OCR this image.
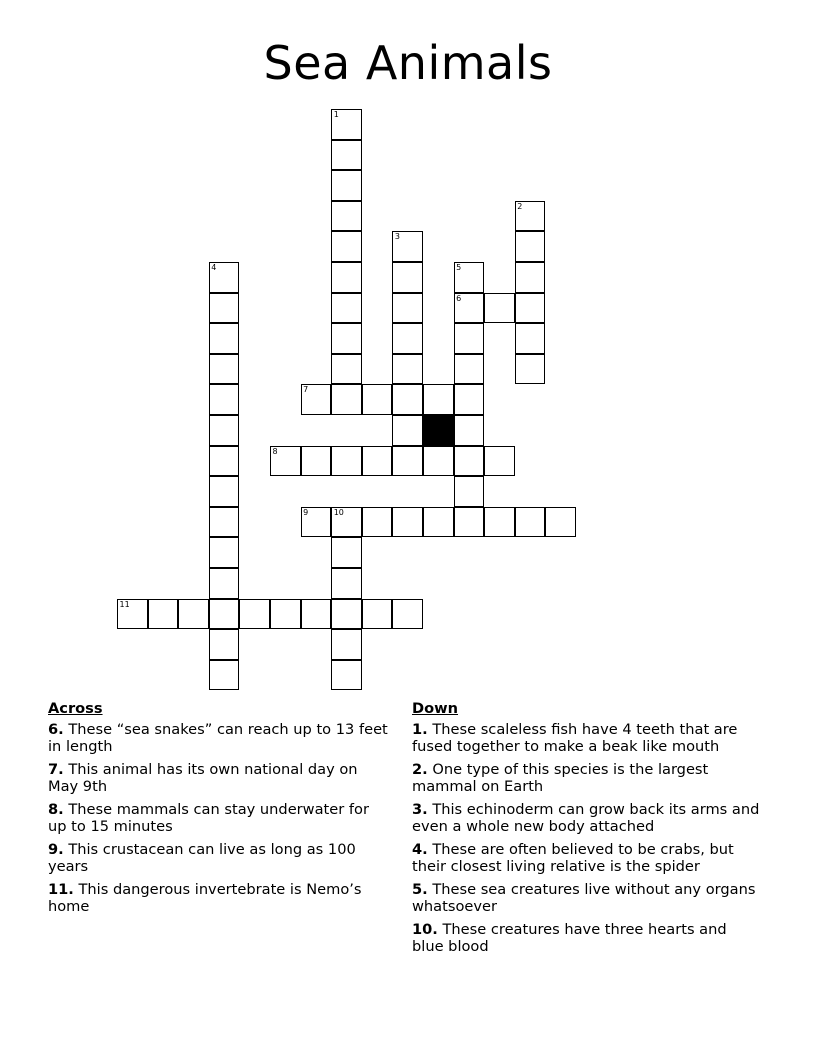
Sea Animals
1
2
3
4	5
6
7
8
9	10
11
Across
6. These “sea snakes” can reach up to 13 feet in length
7. This animal has its own national day on May 9th
8. These mammals can stay underwater for up to 15 minutes
9. This crustacean can live as long as 100 years
11. This dangerous invertebrate is Nemo’s home
Down
1. These scaleless fish have 4 teeth that are fused together to make a beak like mouth
2. One type of this species is the largest mammal on Earth
3. This echinoderm can grow back its arms and even a whole new body attached
4. These are often believed to be crabs, but their closest living relative is the spider
5. These sea creatures live without any organs whatsoever
10. These creatures have three hearts and blue blood
